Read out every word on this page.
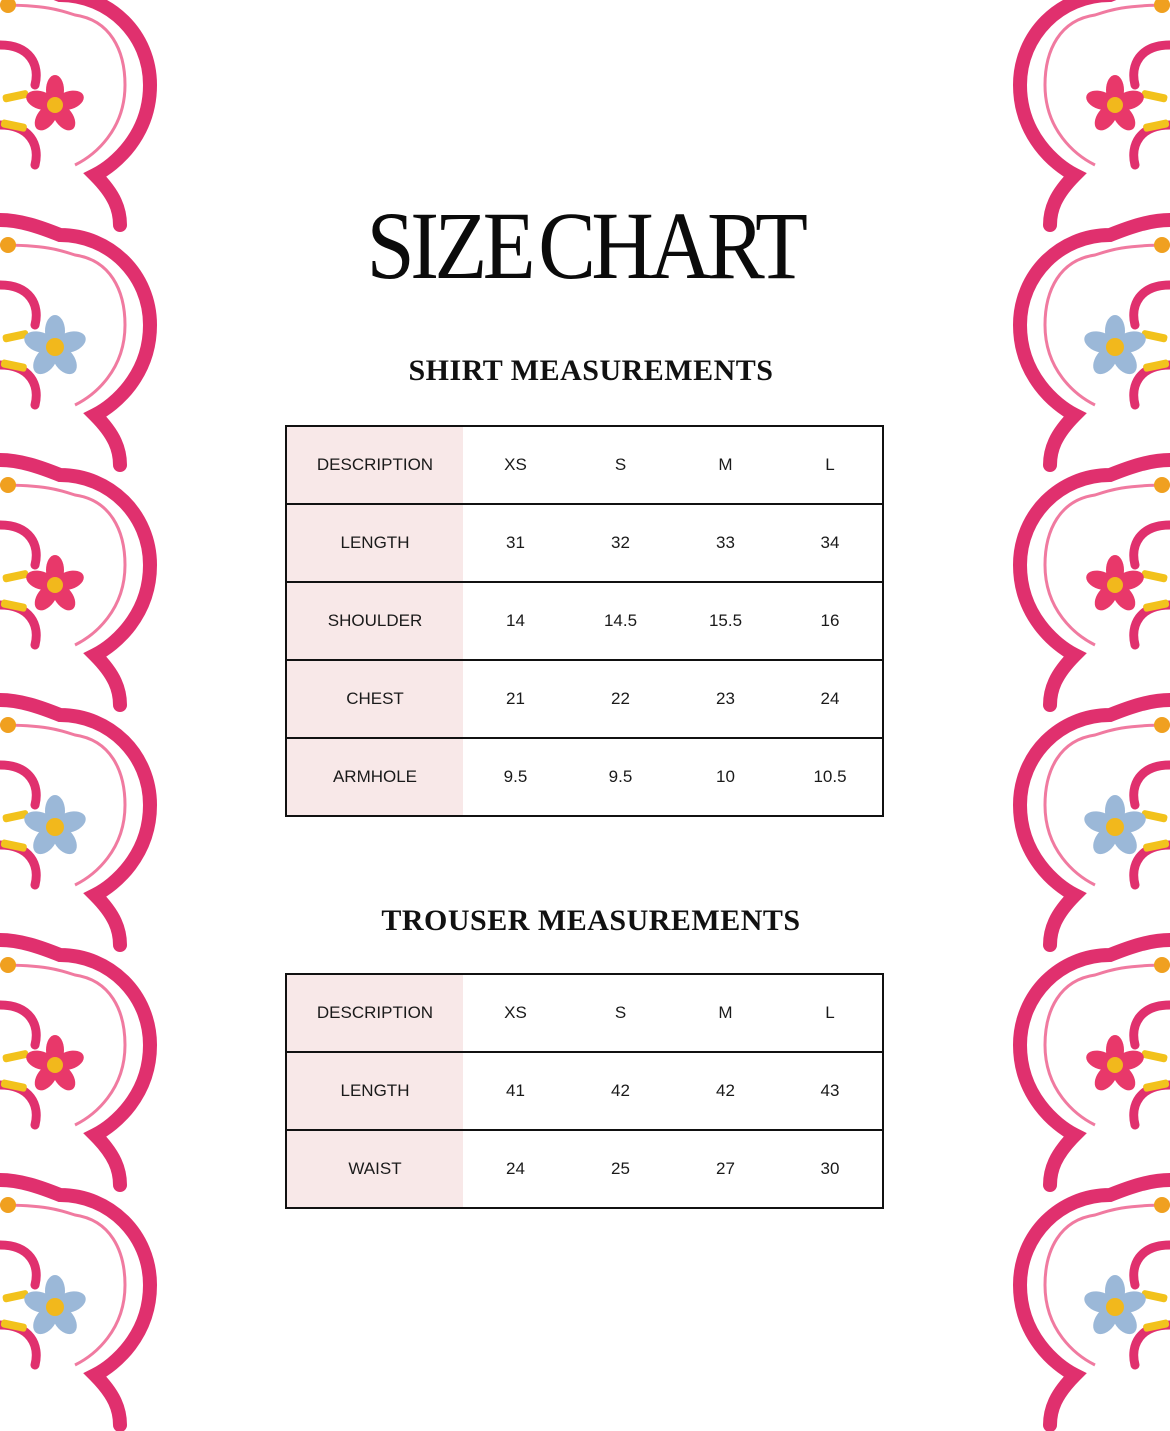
SIZECHART
SHIRT MEASUREMENTS
DESCRIPTION	XS	S	M	L
LENGTH	31	32	33	34
SHOULDER	14	14.5	15.5	16
CHEST	21	22	23	24
ARMHOLE	9.5	9.5	10	10.5
TROUSER MEASUREMENTS
DESCRIPTION	XS	S	M	L
LENGTH	41	42	42	43
WAIST	24	25	27	30
